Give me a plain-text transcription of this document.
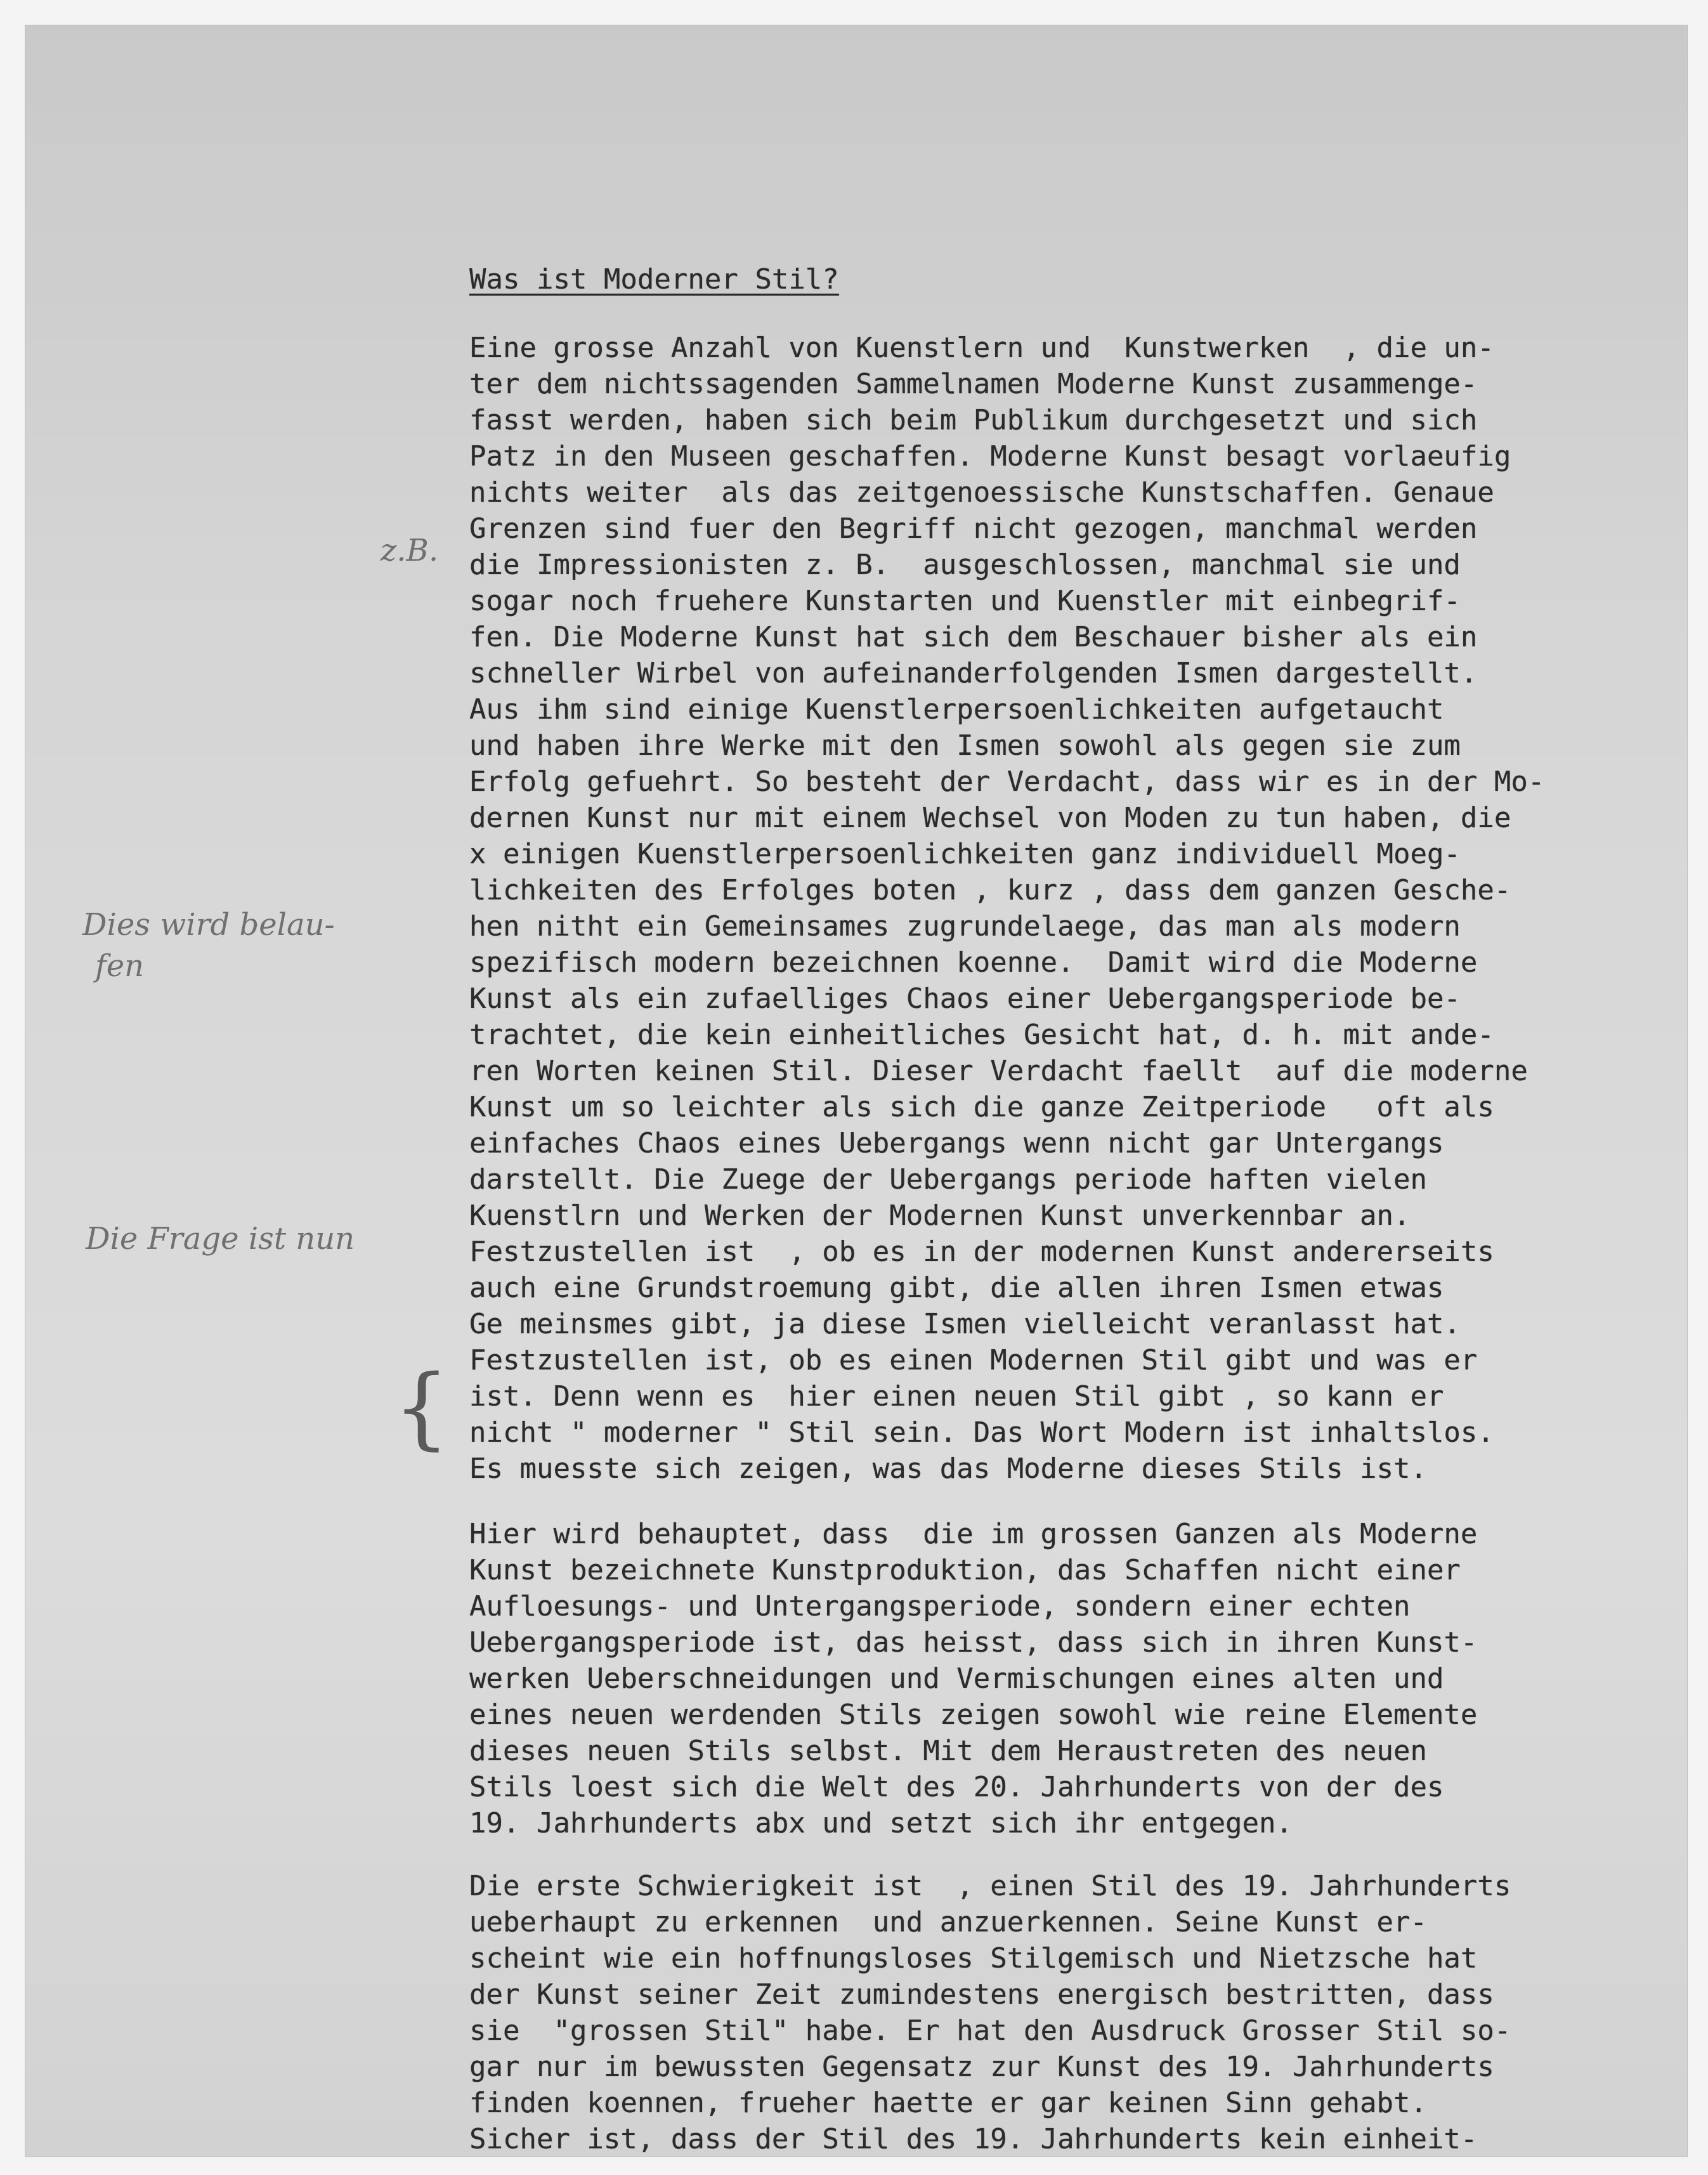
z.B.
Dies wird belau-
fen
Die Frage ist nun
{
Was ist Moderner Stil?
Eine grosse Anzahl von Kuenstlern und  Kunstwerken  , die un-
ter dem nichtssagenden Sammelnamen Moderne Kunst zusammenge-
fasst werden, haben sich beim Publikum durchgesetzt und sich
Patz in den Museen geschaffen. Moderne Kunst besagt vorlaeufig
nichts weiter  als das zeitgenoessische Kunstschaffen. Genaue
Grenzen sind fuer den Begriff nicht gezogen, manchmal werden
die Impressionisten z. B.  ausgeschlossen, manchmal sie und
sogar noch fruehere Kunstarten und Kuenstler mit einbegrif-
fen. Die Moderne Kunst hat sich dem Beschauer bisher als ein
schneller Wirbel von aufeinanderfolgenden Ismen dargestellt.
Aus ihm sind einige Kuenstlerpersoenlichkeiten aufgetaucht
und haben ihre Werke mit den Ismen sowohl als gegen sie zum
Erfolg gefuehrt. So besteht der Verdacht, dass wir es in der Mo-
dernen Kunst nur mit einem Wechsel von Moden zu tun haben, die
x einigen Kuenstlerpersoenlichkeiten ganz individuell Moeg-
lichkeiten des Erfolges boten , kurz , dass dem ganzen Gesche-
hen nitht ein Gemeinsames zugrundelaege, das man als modern
spezifisch modern bezeichnen koenne.  Damit wird die Moderne
Kunst als ein zufaelliges Chaos einer Uebergangsperiode be-
trachtet, die kein einheitliches Gesicht hat, d. h. mit ande-
ren Worten keinen Stil. Dieser Verdacht faellt  auf die moderne
Kunst um so leichter als sich die ganze Zeitperiode   oft als
einfaches Chaos eines Uebergangs wenn nicht gar Untergangs
darstellt. Die Zuege der Uebergangs periode haften vielen
Kuenstlrn und Werken der Modernen Kunst unverkennbar an.
Festzustellen ist  , ob es in der modernen Kunst andererseits
auch eine Grundstroemung gibt, die allen ihren Ismen etwas
Ge meinsmes gibt, ja diese Ismen vielleicht veranlasst hat.
Festzustellen ist, ob es einen Modernen Stil gibt und was er
ist. Denn wenn es  hier einen neuen Stil gibt , so kann er
nicht " moderner " Stil sein. Das Wort Modern ist inhaltslos.
Es muesste sich zeigen, was das Moderne dieses Stils ist.
Hier wird behauptet, dass  die im grossen Ganzen als Moderne
Kunst bezeichnete Kunstproduktion, das Schaffen nicht einer
Aufloesungs- und Untergangsperiode, sondern einer echten
Uebergangsperiode ist, das heisst, dass sich in ihren Kunst-
werken Ueberschneidungen und Vermischungen eines alten und
eines neuen werdenden Stils zeigen sowohl wie reine Elemente
dieses neuen Stils selbst. Mit dem Heraustreten des neuen
Stils loest sich die Welt des 20. Jahrhunderts von der des
19. Jahrhunderts abx und setzt sich ihr entgegen.
Die erste Schwierigkeit ist  , einen Stil des 19. Jahrhunderts
ueberhaupt zu erkennen  und anzuerkennen. Seine Kunst er-
scheint wie ein hoffnungsloses Stilgemisch und Nietzsche hat
der Kunst seiner Zeit zumindestens energisch bestritten, dass
sie  "grossen Stil" habe. Er hat den Ausdruck Grosser Stil so-
gar nur im bewussten Gegensatz zur Kunst des 19. Jahrhunderts
finden koennen, frueher haette er gar keinen Sinn gehabt.
Sicher ist, dass der Stil des 19. Jahrhunderts kein einheit-
